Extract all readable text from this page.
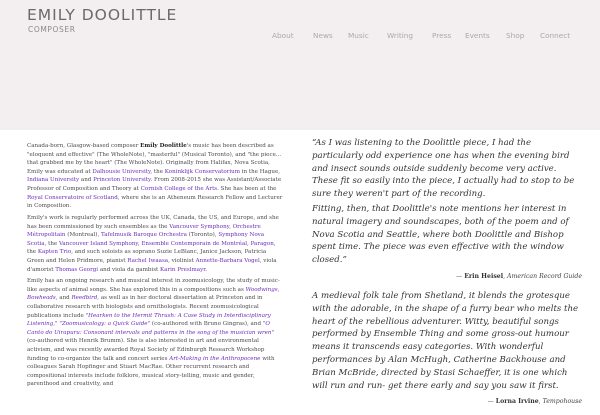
EMILY DOOLITTLE
COMPOSER
About	News Music Writing	Press Events Shop Connect

Canada-born, Glasgow-based composer Emily Doolittle's music has been described as "eloquent and effective" (The WholeNote), "masterful" (Musical Toronto), and "the piece... that grabbed me by the heart" (The WholeNote). Originally from Halifax, Nova Scotia, Emily was educated at Dalhousie University, the Koninklijk Conservatorium in the Hague, Indiana University and Princeton University. From 2008-2015 she was Assistant/Associate Professor of Composition and Theory at Cornish College of the Arts. She has been at the Royal Conservatoire of Scotland, where she is an Atheneum Research Fellow and Lecturer in Composition.

Emily's work is regularly performed across the UK, Canada, the US, and Europe, and she has been commissioned by such ensembles as the Vancouver Symphony, Orchestre Métropolitain (Montreal), Tafelmusik Baroque Orchestra (Toronto), Symphony Nova Scotia, the Vancouver Island Symphony, Ensemble Contemporain de Montréal, Paragon, the Kapten Trio, and such soloists as soprano Suzie LeBlanc, Janice Jackson, Patricia Green and Helen Pridmore, pianist Rachel Iwaasa, violinist Annette-Barbara Vogel, viola d'amorist Thomas Georgi and viola da gambist Karin Preslmayr.

Emily has an ongoing research and musical interest in zoomusicology, the study of music-like aspects of animal songs. She has explored this in a compositions such as Woodwings, Bowheads, and Reedbird, as well as in her doctoral dissertation at Princeton and in collaborative research with biologists and ornithologists. Recent zoomusicological publications include "Hearken to the Hermit Thrush: A Case Study in Interdisciplinary Listening," "Zoomusicology: a Quick Guide" (co-authored with Bruno Gingras), and "O Canto do Uirapuru: Consonant intervals and patterns in the song of the musician wren" (co-authored with Henrik Brumm). She is also interested in art and environmental activism, and was recently awarded Royal Society of Edinburgh Research Workshop funding to co-organize the talk and concert series Art-Making in the Anthropocene with colleagues Sarah Hopfinger and Stuart MacRae. Other recurrent research and compositional interests include folklore, musical story-telling, music and gender, parenthood and creativity, and

“As I was listening to the Doolittle piece, I had the particularly odd experience one has when the evening bird and insect sounds outside suddenly become very active. These fit so easily into the piece, I actually had to stop to be sure they weren't part of the recording.

Fitting, then, that Doolittle's note mentions her interest in natural imagery and soundscapes, both of the poem and of Nova Scotia and Seattle, where both Doolittle and Bishop spent time. The piece was even effective with the window closed.”

— Erin Heisel, American Record Guide

A medieval folk tale from Shetland, it blends the grotesque with the adorable, in the shape of a furry bear who melts the heart of the rebellious adventurer. Witty, beautiful songs performed by Ensemble Thing and some gross-out humour means it transcends easy categories. With wonderful performances by Alan McHugh, Catherine Backhouse and Brian McBride, directed by Stasi Schaeffer, it is one which will run and run- get there early and say you saw it first.

— Lorna Irvine, Tempohouse
